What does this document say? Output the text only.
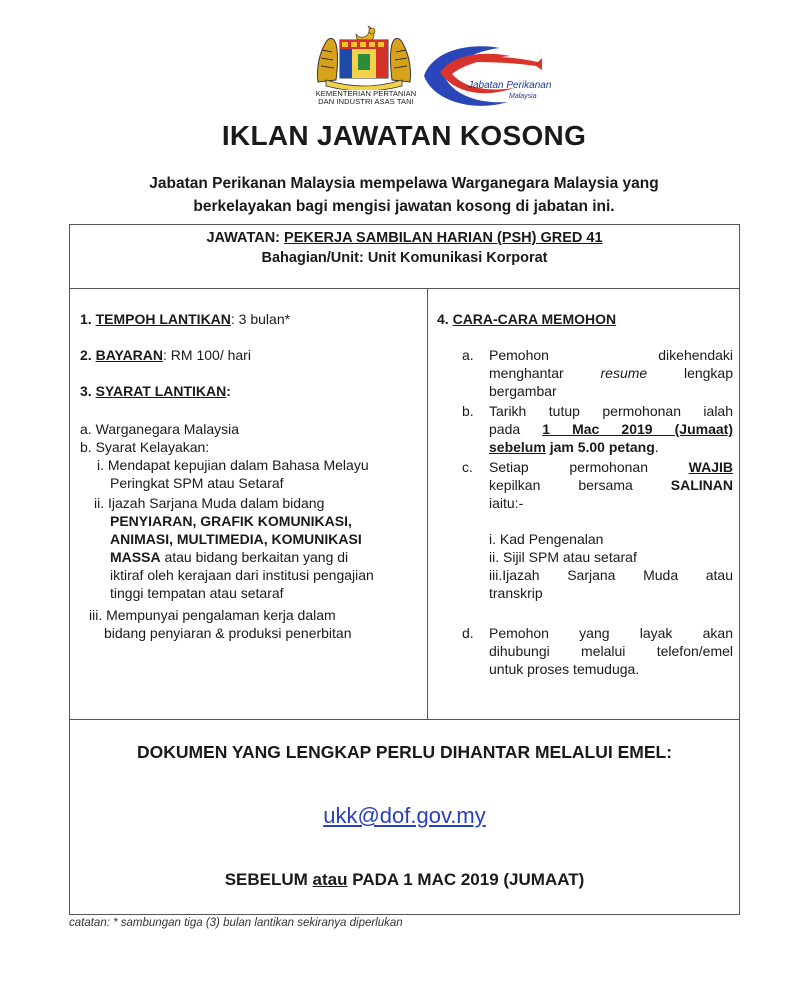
KEMENTERIAN PERTANIAN
DAN INDUSTRI ASAS TANI
Jabatan Perikanan
Malaysia
IKLAN JAWATAN KOSONG
Jabatan Perikanan Malaysia mempelawa Warganegara Malaysia yang
berkelayakan bagi mengisi jawatan kosong di jabatan ini.
JAWATAN: PEKERJA SAMBILAN HARIAN (PSH) GRED 41
Bahagian/Unit: Unit Komunikasi Korporat
1. TEMPOH LANTIKAN: 3 bulan*
2. BAYARAN: RM 100/ hari
3. SYARAT LANTIKAN:
a. Warganegara Malaysia
b. Syarat Kelayakan:
i. Mendapat kepujian dalam Bahasa Melayu
Peringkat SPM atau Setaraf
ii. Ijazah Sarjana Muda dalam bidang
PENYIARAN, GRAFIK KOMUNIKASI,
ANIMASI, MULTIMEDIA, KOMUNIKASI
MASSA atau bidang berkaitan yang di
iktiraf oleh kerajaan dari institusi pengajian
tinggi tempatan atau setaraf
iii. Mempunyai pengalaman kerja dalam
bidang penyiaran & produksi penerbitan
4. CARA-CARA MEMOHON
a. Pemohon dikehendaki
menghantar resume lengkap
bergambar
b. Tarikh tutup permohonan ialah
pada 1 Mac 2019 (Jumaat)
sebelum jam 5.00 petang.
c. Setiap permohonan WAJIB
kepilkan bersama SALINAN
iaitu:-
i. Kad Pengenalan
ii. Sijil SPM atau setaraf
iii.Ijazah Sarjana Muda atau
transkrip
d. Pemohon yang layak akan
dihubungi melalui telefon/emel
untuk proses temuduga.
DOKUMEN YANG LENGKAP PERLU DIHANTAR MELALUI EMEL:
ukk@dof.gov.my
SEBELUM atau PADA 1 MAC 2019 (JUMAAT)
catatan: * sambungan tiga (3) bulan lantikan sekiranya diperlukan
